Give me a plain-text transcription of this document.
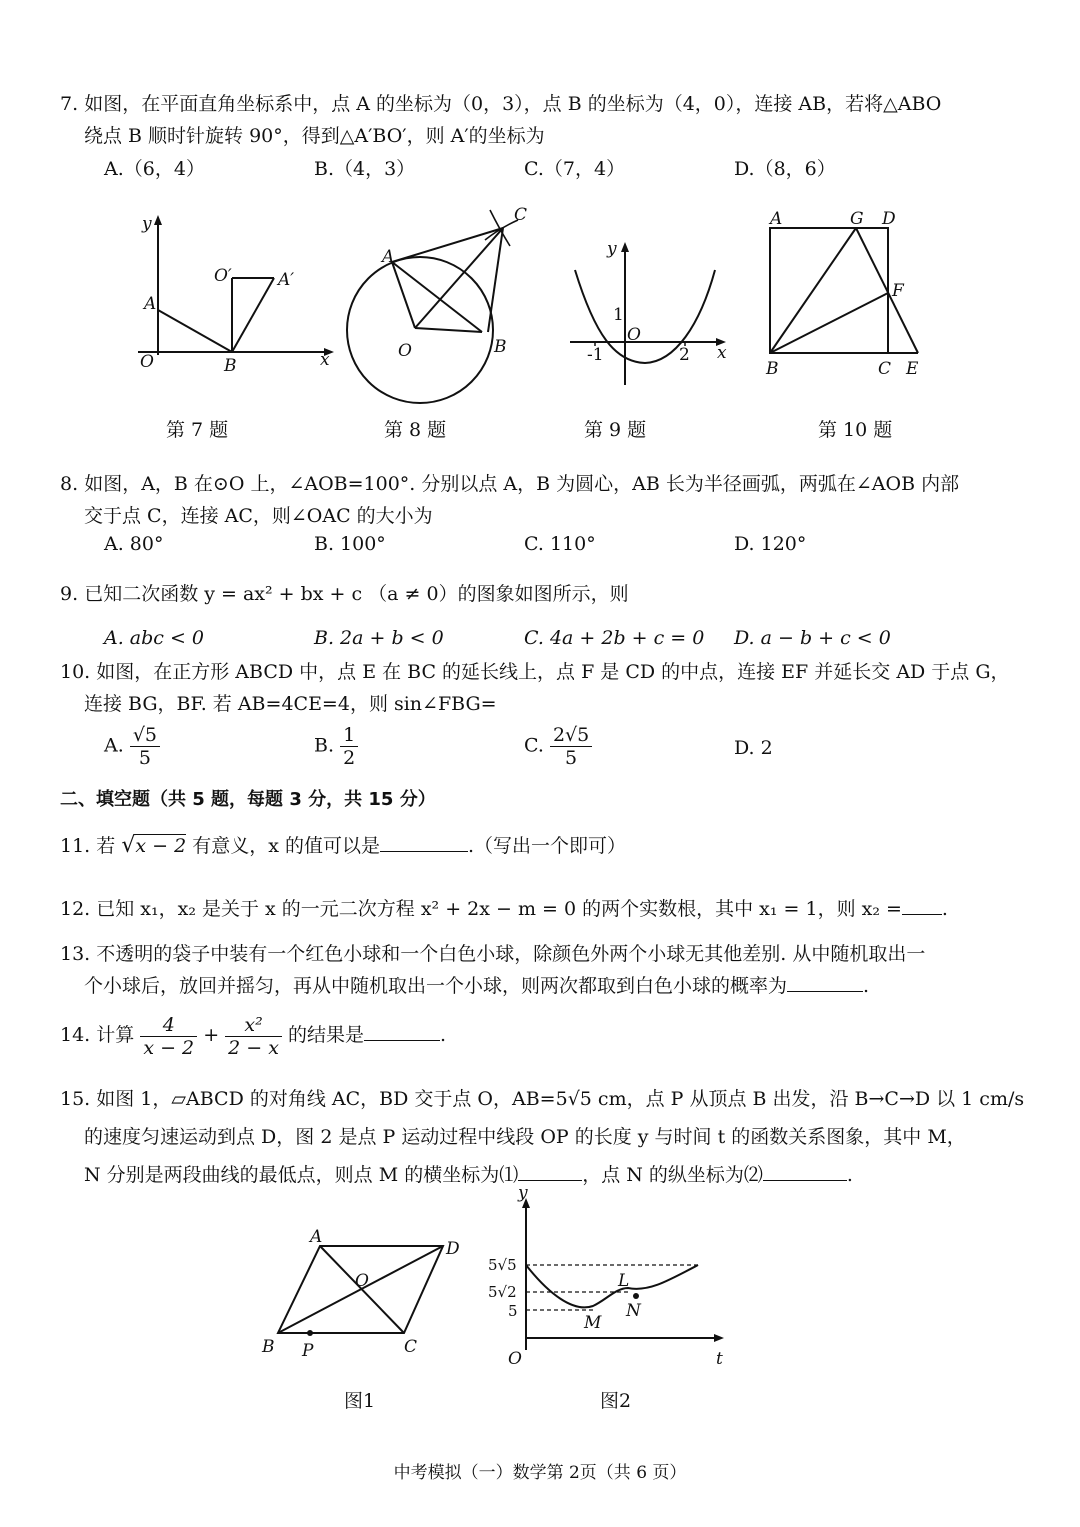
7. 如图，在平面直角坐标系中，点 A 的坐标为（0，3），点 B 的坐标为（4，0），连接 AB，若将△ABO
绕点 B 顺时针旋转 90°，得到△A′BO′，则 A′的坐标为
A.（6，4）	B.（4，3）	C.（7，4）	D.（8，6）
y
x
O
A
B
O′	A′
A
B
C
O
y
x
O
1
-1	2
A	G D
F
B	C E
第 7 题	第 8 题	第 9 题	第 10 题
8. 如图，A，B 在⊙O 上，∠AOB=100°. 分别以点 A，B 为圆心，AB 长为半径画弧，两弧在∠AOB 内部
交于点 C，连接 AC，则∠OAC 的大小为
A. 80°	B. 100°	C. 110°	D. 120°
9. 已知二次函数 y = ax² + bx + c （a ≠ 0）的图象如图所示，则
A. abc < 0	B. 2a + b < 0	C. 4a + 2b + c = 0 D. a − b + c < 0
10. 如图，在正方形 ABCD 中，点 E 在 BC 的延长线上，点 F 是 CD 的中点，连接 EF 并延长交 AD 于点 G，
连接 BG，BF. 若 AB=4CE=4，则 sin∠FBG=
A. $\frac{√5}{5}$	B. $\frac{1}{2}$	C. $\frac{2√5}{5}$	D. 2
二、填空题（共 5 题，每题 3 分，共 15 分）
11. 若 √x − 2 有意义，x 的值可以是	.（写出一个即可）
12. 已知 x₁，x₂ 是关于 x 的一元二次方程 x² + 2x − m = 0 的两个实数根，其中 x₁ = 1，则 x₂ = .
13. 不透明的袋子中装有一个红色小球和一个白色小球，除颜色外两个小球无其他差别. 从中随机取出一
个小球后，放回并摇匀，再从中随机取出一个小球，则两次都取到白色小球的概率为	.
14. 计算 $\frac{4}{x - 2} + \frac{\text{x²}}{2 - x}$ 的结果是	.
15. 如图 1，▱ABCD 的对角线 AC，BD 交于点 O，AB=5√5 cm，点 P 从顶点 B 出发，沿 B→C→D 以 1 cm/s
的速度匀速运动到点 D，图 2 是点 P 运动过程中线段 OP 的长度 y 与时间 t 的函数关系图象，其中 M，
N 分别是两段曲线的最低点，则点 M 的横坐标为⑴	，点 N 的纵坐标为⑵	.
A
D
O
B P	C
y
t
O
5√5
5√2
5
L
M
N
图1	图2
中考模拟（一）数学第 2页（共 6 页）
